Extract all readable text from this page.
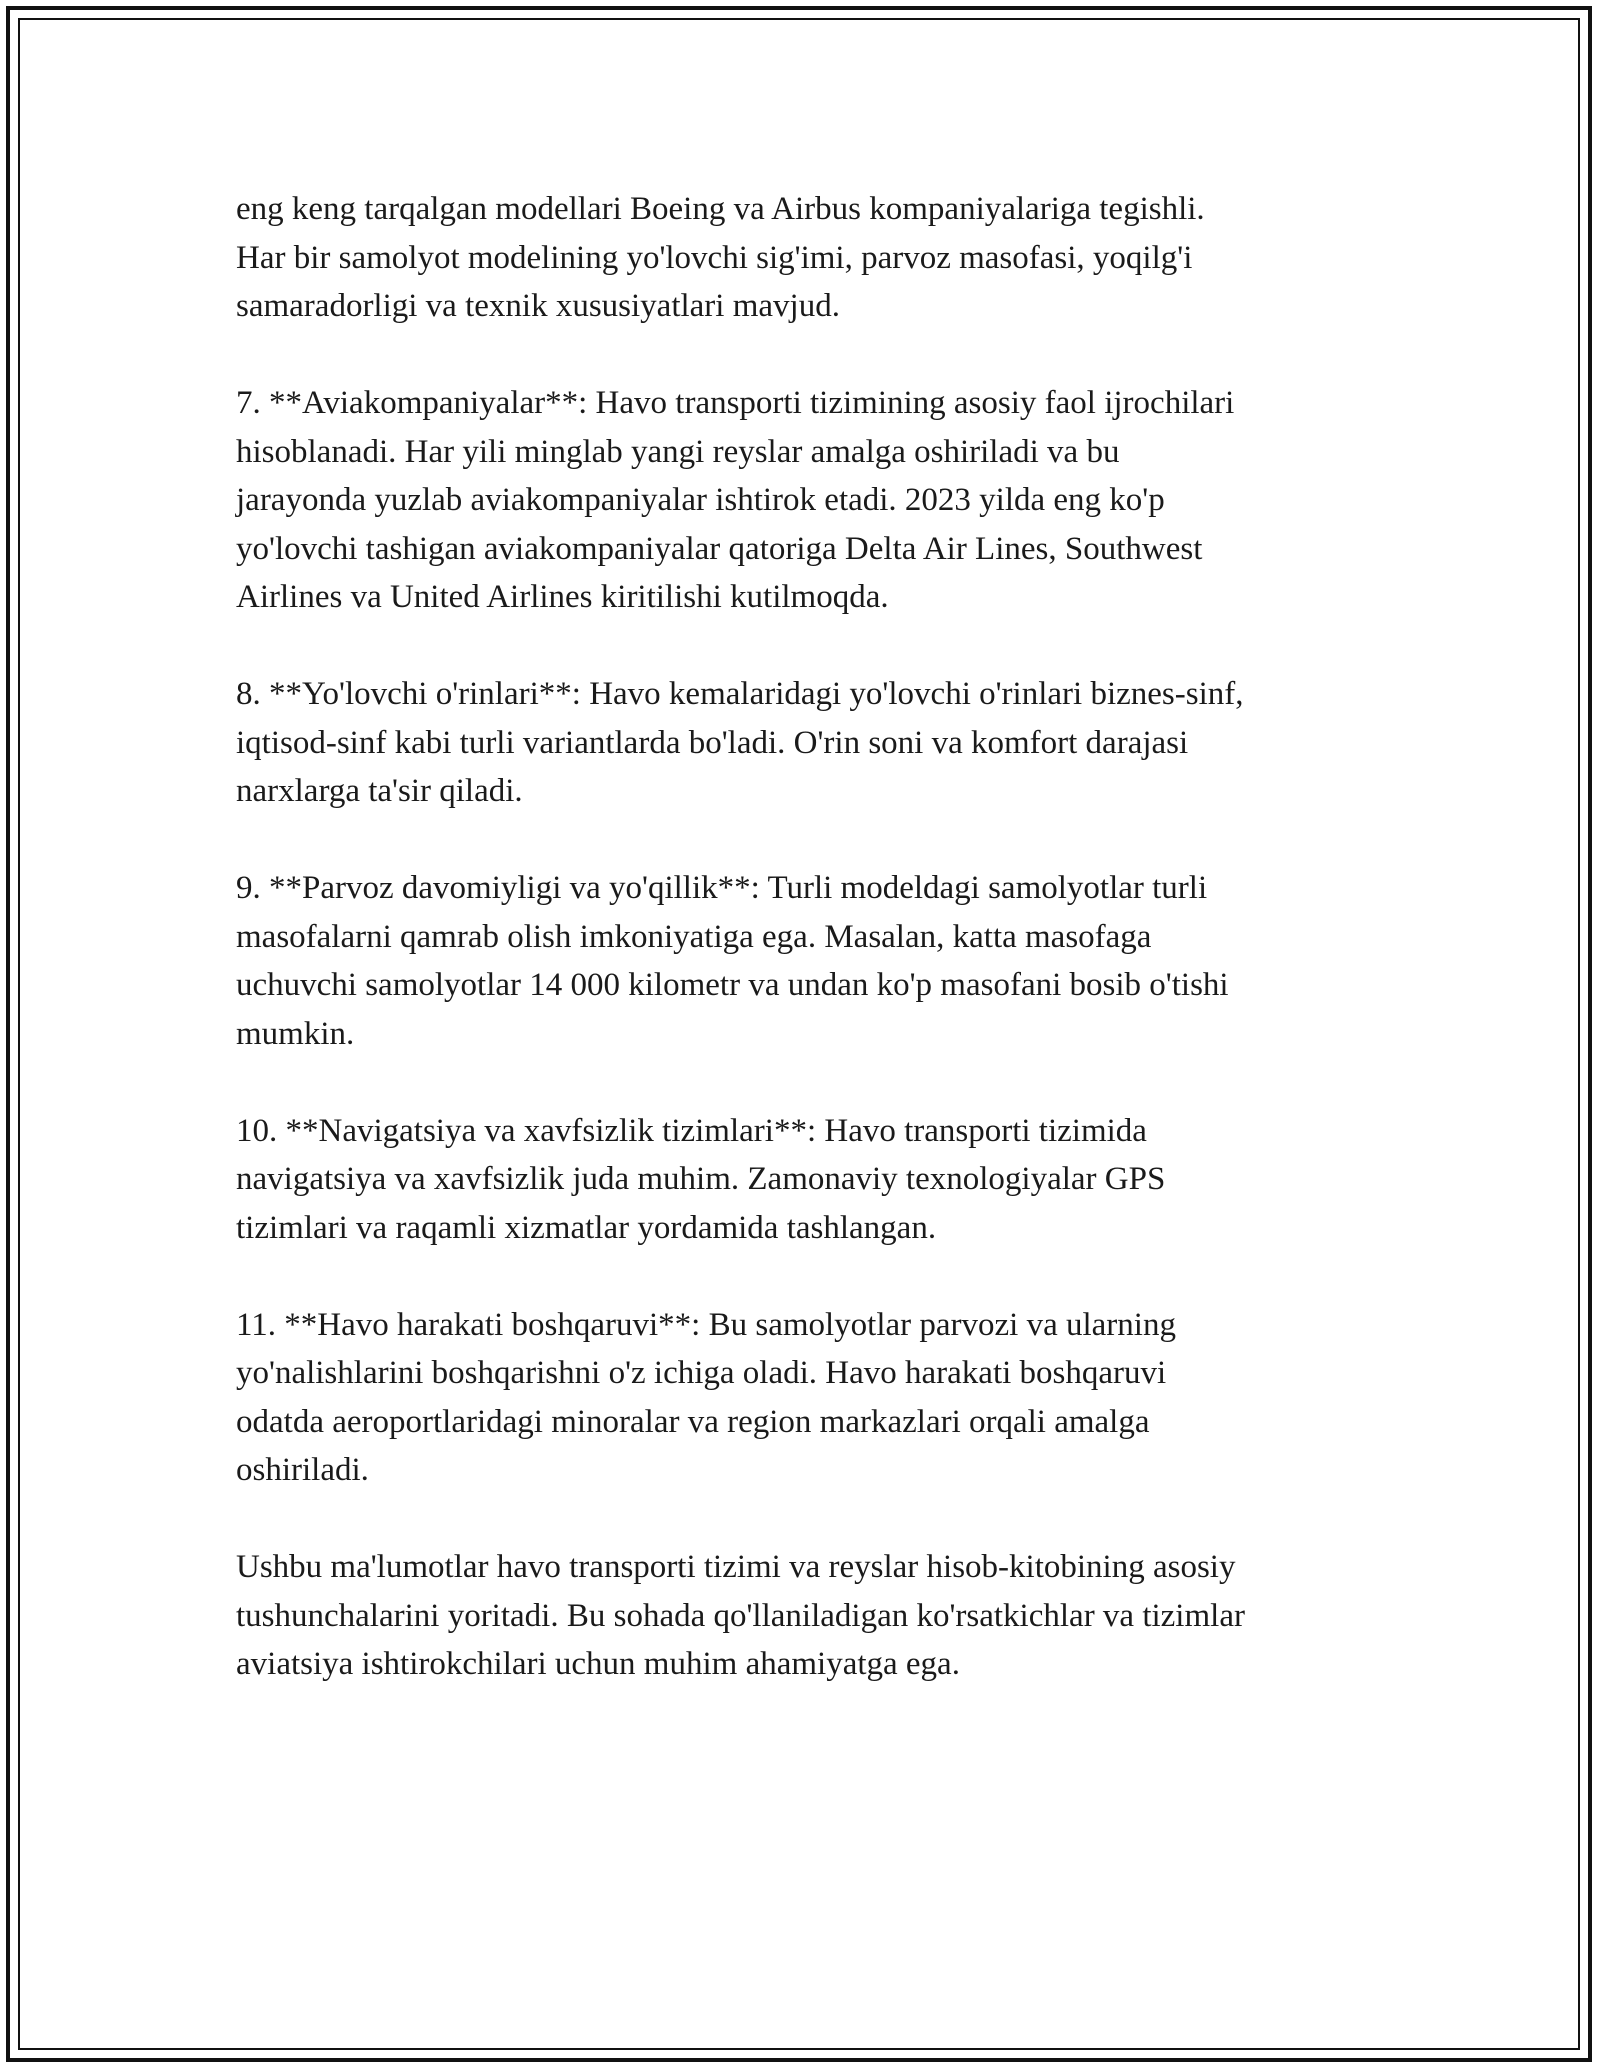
eng keng tarqalgan modellari Boeing va Airbus kompaniyalariga tegishli.
Har bir samolyot modelining yo'lovchi sig'imi, parvoz masofasi, yoqilg'i
samaradorligi va texnik xususiyatlari mavjud.

7. **Aviakompaniyalar**: Havo transporti tizimining asosiy faol ijrochilari
hisoblanadi. Har yili minglab yangi reyslar amalga oshiriladi va bu
jarayonda yuzlab aviakompaniyalar ishtirok etadi. 2023 yilda eng ko'p
yo'lovchi tashigan aviakompaniyalar qatoriga Delta Air Lines, Southwest
Airlines va United Airlines kiritilishi kutilmoqda.

8. **Yo'lovchi o'rinlari**: Havo kemalaridagi yo'lovchi o'rinlari biznes-sinf,
iqtisod-sinf kabi turli variantlarda bo'ladi. O'rin soni va komfort darajasi
narxlarga ta'sir qiladi.

9. **Parvoz davomiyligi va yo'qillik**: Turli modeldagi samolyotlar turli
masofalarni qamrab olish imkoniyatiga ega. Masalan, katta masofaga
uchuvchi samolyotlar 14 000 kilometr va undan ko'p masofani bosib o'tishi
mumkin.

10. **Navigatsiya va xavfsizlik tizimlari**: Havo transporti tizimida
navigatsiya va xavfsizlik juda muhim. Zamonaviy texnologiyalar GPS
tizimlari va raqamli xizmatlar yordamida tashlangan.

11. **Havo harakati boshqaruvi**: Bu samolyotlar parvozi va ularning
yo'nalishlarini boshqarishni o'z ichiga oladi. Havo harakati boshqaruvi
odatda aeroportlaridagi minoralar va region markazlari orqali amalga
oshiriladi.

Ushbu ma'lumotlar havo transporti tizimi va reyslar hisob-kitobining asosiy
tushunchalarini yoritadi. Bu sohada qo'llaniladigan ko'rsatkichlar va tizimlar
aviatsiya ishtirokchilari uchun muhim ahamiyatga ega.
